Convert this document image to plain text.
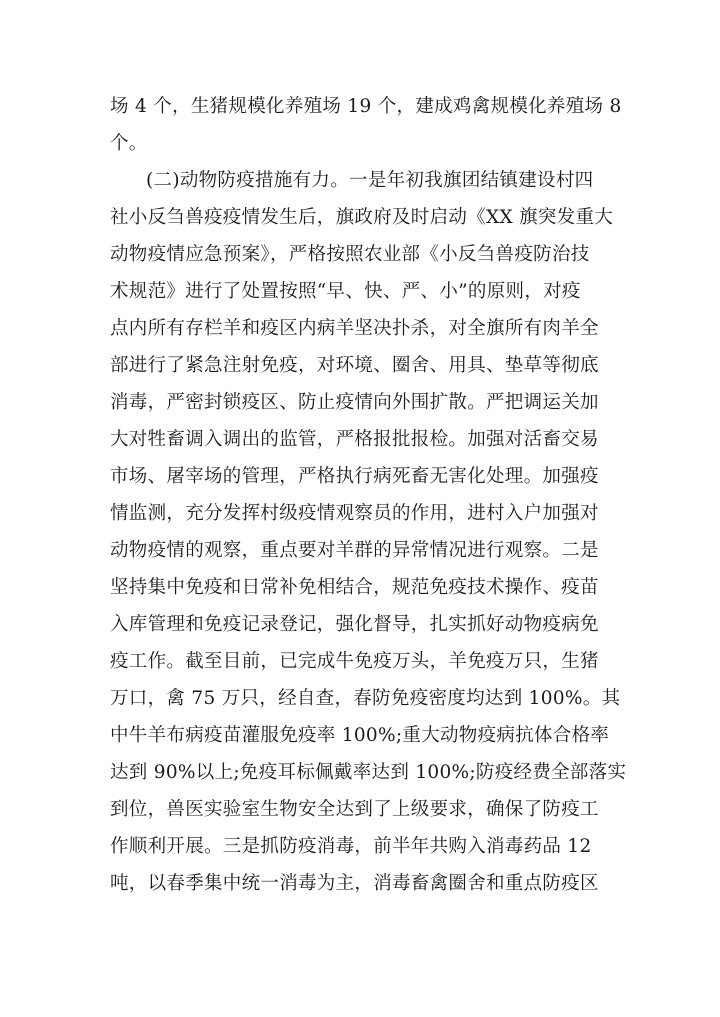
场 4 个，生猪规模化养殖场 19 个，建成鸡禽规模化养殖场 8
个。
(二)动物防疫措施有力。一是年初我旗团结镇建设村四
社小反刍兽疫疫情发生后，旗政府及时启动《XX 旗突发重大
动物疫情应急预案》，严格按照农业部《小反刍兽疫防治技
术规范》进行了处置按照“早、快、严、小”的原则，对疫
点内所有存栏羊和疫区内病羊坚决扑杀，对全旗所有肉羊全
部进行了紧急注射免疫，对环境、圈舍、用具、垫草等彻底
消毒，严密封锁疫区、防止疫情向外围扩散。严把调运关加
大对牲畜调入调出的监管，严格报批报检。加强对活畜交易
市场、屠宰场的管理，严格执行病死畜无害化处理。加强疫
情监测，充分发挥村级疫情观察员的作用，进村入户加强对
动物疫情的观察，重点要对羊群的异常情况进行观察。二是
坚持集中免疫和日常补免相结合，规范免疫技术操作、疫苗
入库管理和免疫记录登记，强化督导，扎实抓好动物疫病免
疫工作。截至目前，已完成牛免疫万头，羊免疫万只，生猪
万口，禽 75 万只，经自查，春防免疫密度均达到 100%。其
中牛羊布病疫苗灌服免疫率 100%;重大动物疫病抗体合格率
达到 90%以上;免疫耳标佩戴率达到 100%;防疫经费全部落实
到位，兽医实验室生物安全达到了上级要求，确保了防疫工
作顺利开展。三是抓防疫消毒，前半年共购入消毒药品 12
吨，以春季集中统一消毒为主，消毒畜禽圈舍和重点防疫区
